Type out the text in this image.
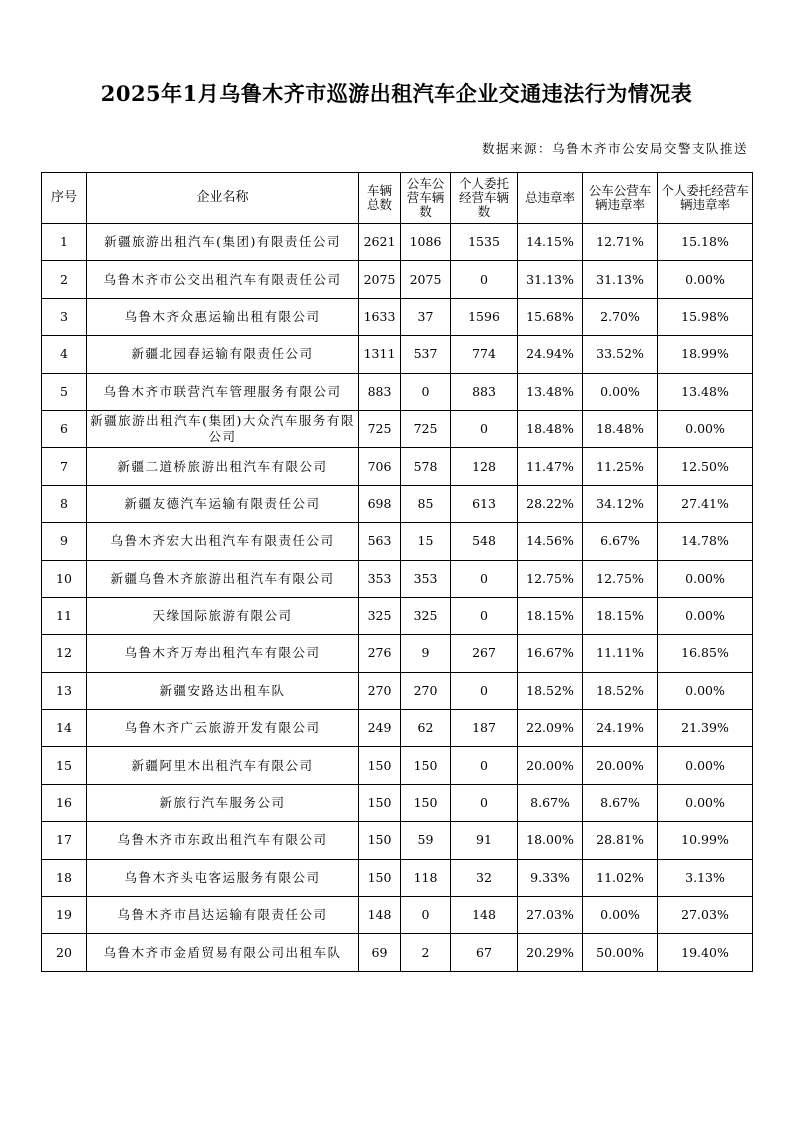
2025年1月乌鲁木齐市巡游出租汽车企业交通违法行为情况表
数据来源：乌鲁木齐市公安局交警支队推送
序号	企业名称	车辆总数	公车公营车辆数	个人委托经营车辆数	总违章率	公车公营车辆违章率	个人委托经营车辆违章率
1	新疆旅游出租汽车(集团)有限责任公司	2621	1086	1535	14.15%	12.71%	15.18%
2	乌鲁木齐市公交出租汽车有限责任公司	2075	2075	0	31.13%	31.13%	0.00%
3	乌鲁木齐众惠运输出租有限公司	1633	37	1596	15.68%	2.70%	15.98%
4	新疆北园春运输有限责任公司	1311	537	774	24.94%	33.52%	18.99%
5	乌鲁木齐市联营汽车管理服务有限公司	883	0	883	13.48%	0.00%	13.48%
6	新疆旅游出租汽车(集团)大众汽车服务有限公司	725	725	0	18.48%	18.48%	0.00%
7	新疆二道桥旅游出租汽车有限公司	706	578	128	11.47%	11.25%	12.50%
8	新疆友德汽车运输有限责任公司	698	85	613	28.22%	34.12%	27.41%
9	乌鲁木齐宏大出租汽车有限责任公司	563	15	548	14.56%	6.67%	14.78%
10	新疆乌鲁木齐旅游出租汽车有限公司	353	353	0	12.75%	12.75%	0.00%
11	天缘国际旅游有限公司	325	325	0	18.15%	18.15%	0.00%
12	乌鲁木齐万寿出租汽车有限公司	276	9	267	16.67%	11.11%	16.85%
13	新疆安路达出租车队	270	270	0	18.52%	18.52%	0.00%
14	乌鲁木齐广云旅游开发有限公司	249	62	187	22.09%	24.19%	21.39%
15	新疆阿里木出租汽车有限公司	150	150	0	20.00%	20.00%	0.00%
16	新旅行汽车服务公司	150	150	0	8.67%	8.67%	0.00%
17	乌鲁木齐市东政出租汽车有限公司	150	59	91	18.00%	28.81%	10.99%
18	乌鲁木齐头屯客运服务有限公司	150	118	32	9.33%	11.02%	3.13%
19	乌鲁木齐市昌达运输有限责任公司	148	0	148	27.03%	0.00%	27.03%
20	乌鲁木齐市金盾贸易有限公司出租车队	69	2	67	20.29%	50.00%	19.40%
